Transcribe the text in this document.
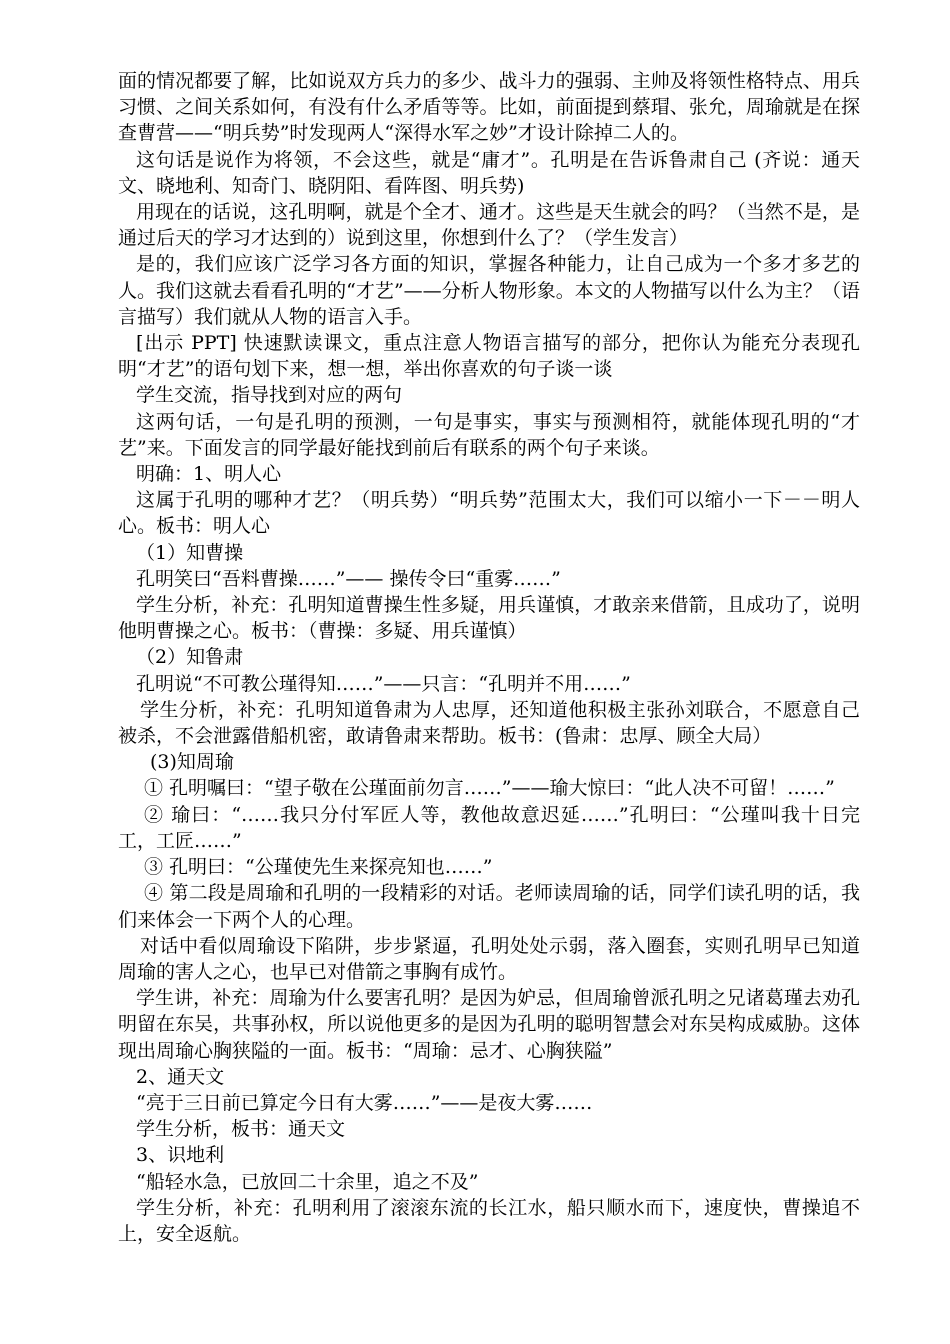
面的情况都要了解，比如说双方兵力的多少、战斗力的强弱、主帅及将领性格特点、用兵习惯、之间关系如何，有没有什么矛盾等等。比如，前面提到蔡瑁、张允，周瑜就是在探查曹营——“明兵势”时发现两人“深得水军之妙”才设计除掉二人的。

这句话是说作为将领，不会这些，就是“庸才”。孔明是在告诉鲁肃自己 (齐说：通天文、晓地利、知奇门、晓阴阳、看阵图、明兵势)

用现在的话说，这孔明啊，就是个全才、通才。这些是天生就会的吗？（当然不是，是通过后天的学习才达到的）说到这里，你想到什么了？（学生发言）

是的，我们应该广泛学习各方面的知识，掌握各种能力，让自己成为一个多才多艺的人。我们这就去看看孔明的“才艺”——分析人物形象。本文的人物描写以什么为主？（语言描写）我们就从人物的语言入手。

[出示 PPT] 快速默读课文，重点注意人物语言描写的部分，把你认为能充分表现孔明“才艺”的语句划下来，想一想，举出你喜欢的句子谈一谈

学生交流，指导找到对应的两句

这两句话，一句是孔明的预测，一句是事实，事实与预测相符，就能体现孔明的“才艺”来。下面发言的同学最好能找到前后有联系的两个句子来谈。

明确：1、明人心

这属于孔明的哪种才艺？（明兵势）“明兵势”范围太大，我们可以缩小一下－－明人心。板书：明人心

（1）知曹操

孔明笑曰“吾料曹操……”—— 操传令曰“重雾……”

学生分析，补充：孔明知道曹操生性多疑，用兵谨慎，才敢亲来借箭，且成功了，说明他明曹操之心。板书：（曹操：多疑、用兵谨慎）

（2）知鲁肃

孔明说“不可教公瑾得知……”——只言：“孔明并不用……”

学生分析，补充：孔明知道鲁肃为人忠厚，还知道他积极主张孙刘联合，不愿意自己被杀，不会泄露借船机密，敢请鲁肃来帮助。板书：(鲁肃：忠厚、顾全大局）

(3)知周瑜

① 孔明嘱曰：“望子敬在公瑾面前勿言……”——瑜大惊曰：“此人决不可留！……”

② 瑜曰：“……我只分付军匠人等，教他故意迟延……”孔明曰：“公瑾叫我十日完工，工匠……”

③ 孔明曰：“公瑾使先生来探亮知也……”

④ 第二段是周瑜和孔明的一段精彩的对话。老师读周瑜的话，同学们读孔明的话，我们来体会一下两个人的心理。

对话中看似周瑜设下陷阱，步步紧逼，孔明处处示弱，落入圈套，实则孔明早已知道周瑜的害人之心，也早已对借箭之事胸有成竹。

学生讲，补充：周瑜为什么要害孔明？是因为妒忌，但周瑜曾派孔明之兄诸葛瑾去劝孔明留在东吴，共事孙权，所以说他更多的是因为孔明的聪明智慧会对东吴构成威胁。这体现出周瑜心胸狭隘的一面。板书：“周瑜：忌才、心胸狭隘”

2、通天文

“亮于三日前已算定今日有大雾……”——是夜大雾……

学生分析，板书：通天文

3、识地利

“船轻水急，已放回二十余里，追之不及”

学生分析，补充：孔明利用了滚滚东流的长江水，船只顺水而下，速度快，曹操追不上，安全返航。
